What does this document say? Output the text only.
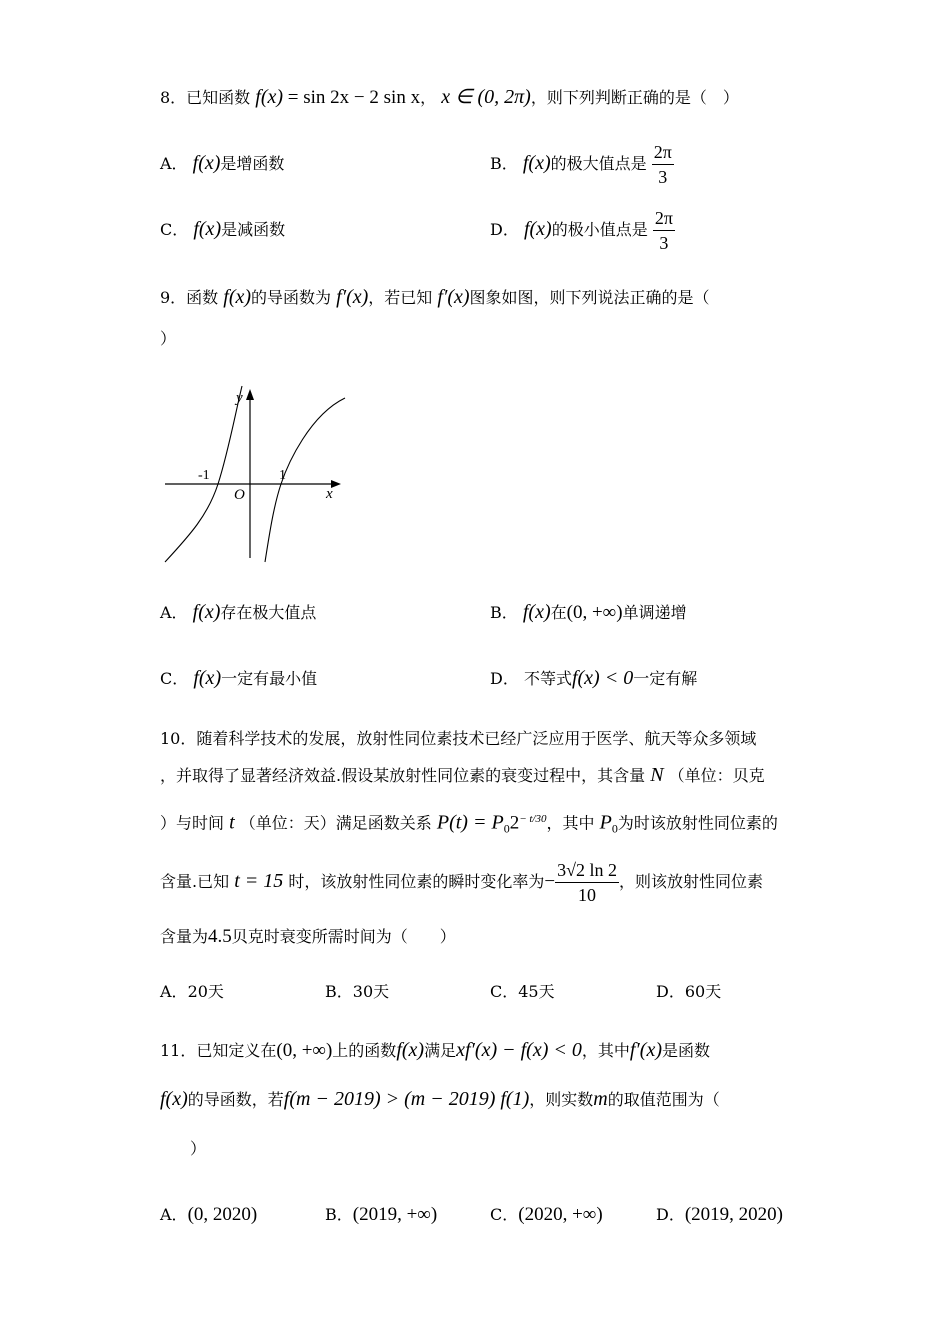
8．已知函数 f(x) = sin 2x − 2 sin x， x ∈ (0, 2π)，则下列判断正确的是（　）
A． f(x)是增函数	B． f(x)的极大值点是 $\frac{2\pi}{3}$
C． f(x)是减函数	D． f(x)的极小值点是 $\frac{2\pi}{3}$
9．函数 f(x)的导函数为 f′(x)，若已知 f′(x)图象如图，则下列说法正确的是（
）
y
x
O
-1	1
A． f(x)存在极大值点	B． f(x)在(0, +∞)单调递增
C． f(x)一定有最小值	D． 不等式f(x) < 0一定有解
10．随着科学技术的发展，放射性同位素技术已经广泛应用于医学、航天等众多领域
，并取得了显著经济效益.假设某放射性同位素的衰变过程中，其含量 N （单位：贝克
）与时间 t （单位：天）满足函数关系 $P(t) = P_02^{- t/30}$，其中 $P_0$为时该放射性同位素的
含量.已知 t = 15 时，该放射性同位素的瞬时变化率为− $\frac{3√2 \ln 2}{10}$ ，则该放射性同位素
含量为4.5贝克时衰变所需时间为（　　）
A．20天	B．30天	C．45天	D．60天
11．已知定义在(0, +∞)上的函数f(x)满足xf′(x) − f(x) < 0，其中f′(x)是函数
f(x)的导函数，若f(m − 2019) > (m − 2019) f(1)，则实数m的取值范围为（
）
A．(0, 2020)	B．(2019, +∞)	C．(2020, +∞)	D．(2019, 2020)
